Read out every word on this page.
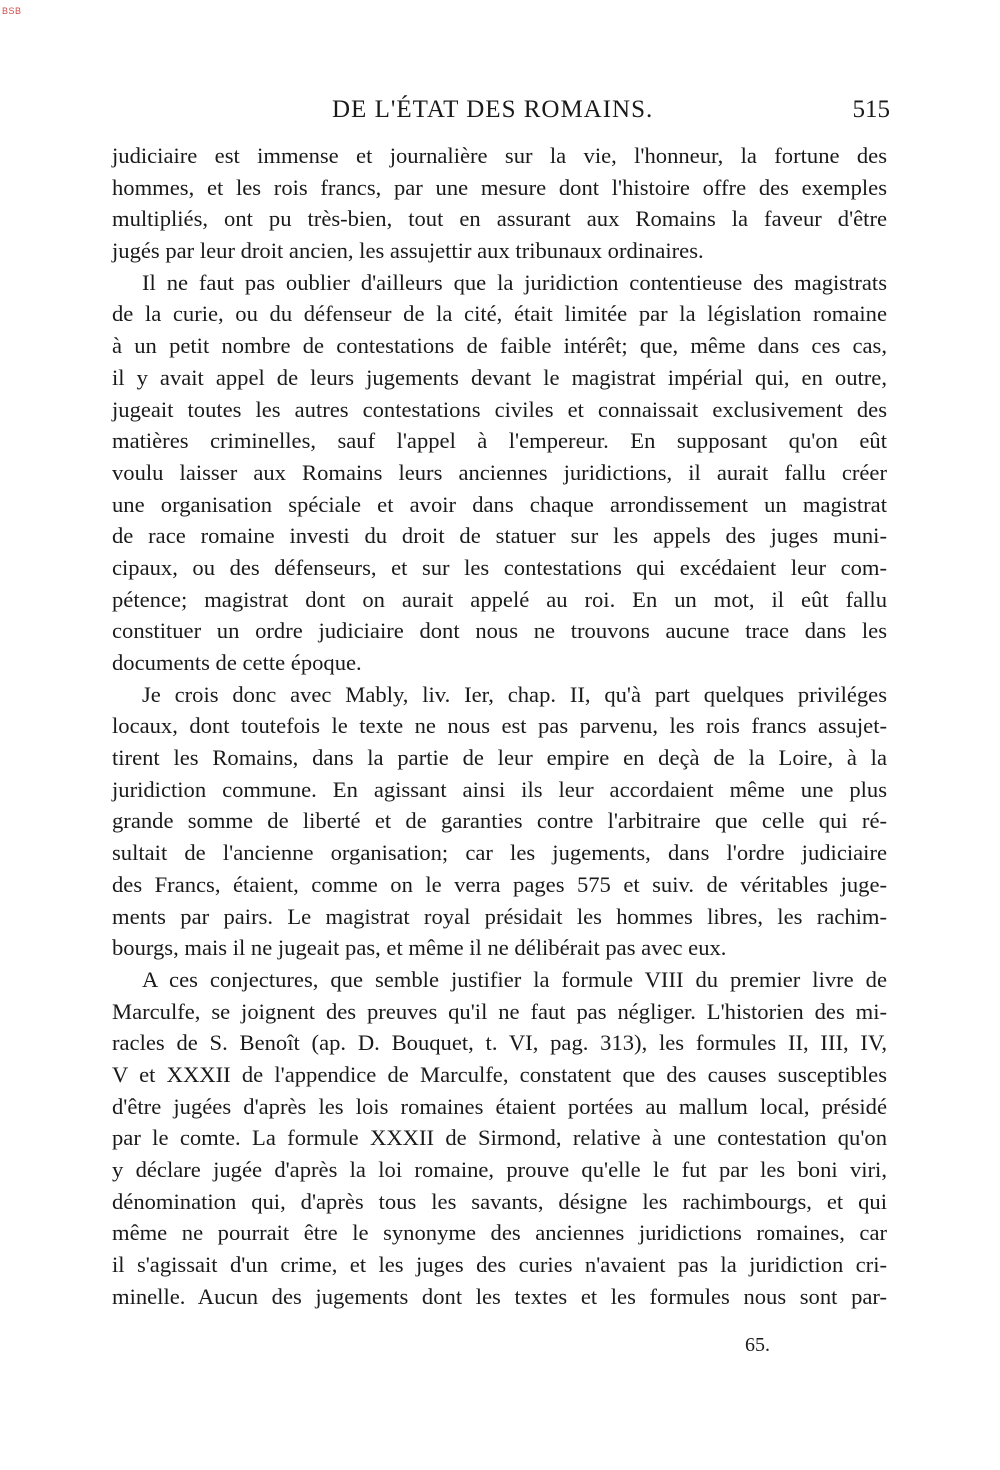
BSB
DE L'ÉTAT DES ROMAINS.	515
judiciaire est immense et journalière sur la vie, l'honneur, la fortune des
hommes, et les rois francs, par une mesure dont l'histoire offre des exemples
multipliés, ont pu très-bien, tout en assurant aux Romains la faveur d'être
jugés par leur droit ancien, les assujettir aux tribunaux ordinaires.
Il ne faut pas oublier d'ailleurs que la juridiction contentieuse des magistrats
de la curie, ou du défenseur de la cité, était limitée par la législation romaine
à un petit nombre de contestations de faible intérêt; que, même dans ces cas,
il y avait appel de leurs jugements devant le magistrat impérial qui, en outre,
jugeait toutes les autres contestations civiles et connaissait exclusivement des
matières criminelles, sauf l'appel à l'empereur. En supposant qu'on eût
voulu laisser aux Romains leurs anciennes juridictions, il aurait fallu créer
une organisation spéciale et avoir dans chaque arrondissement un magistrat
de race romaine investi du droit de statuer sur les appels des juges muni-
cipaux, ou des défenseurs, et sur les contestations qui excédaient leur com-
pétence; magistrat dont on aurait appelé au roi. En un mot, il eût fallu
constituer un ordre judiciaire dont nous ne trouvons aucune trace dans les
documents de cette époque.
Je crois donc avec Mably, liv. Ier, chap. II, qu'à part quelques priviléges
locaux, dont toutefois le texte ne nous est pas parvenu, les rois francs assujet-
tirent les Romains, dans la partie de leur empire en deçà de la Loire, à la
juridiction commune. En agissant ainsi ils leur accordaient même une plus
grande somme de liberté et de garanties contre l'arbitraire que celle qui ré-
sultait de l'ancienne organisation; car les jugements, dans l'ordre judiciaire
des Francs, étaient, comme on le verra pages 575 et suiv. de véritables juge-
ments par pairs. Le magistrat royal présidait les hommes libres, les rachim-
bourgs, mais il ne jugeait pas, et même il ne délibérait pas avec eux.
A ces conjectures, que semble justifier la formule VIII du premier livre de
Marculfe, se joignent des preuves qu'il ne faut pas négliger. L'historien des mi-
racles de S. Benoît (ap. D. Bouquet, t. VI, pag. 313), les formules II, III, IV,
V et XXXII de l'appendice de Marculfe, constatent que des causes susceptibles
d'être jugées d'après les lois romaines étaient portées au mallum local, présidé
par le comte. La formule XXXII de Sirmond, relative à une contestation qu'on
y déclare jugée d'après la loi romaine, prouve qu'elle le fut par les boni viri,
dénomination qui, d'après tous les savants, désigne les rachimbourgs, et qui
même ne pourrait être le synonyme des anciennes juridictions romaines, car
il s'agissait d'un crime, et les juges des curies n'avaient pas la juridiction cri-
minelle. Aucun des jugements dont les textes et les formules nous sont par-
65.
